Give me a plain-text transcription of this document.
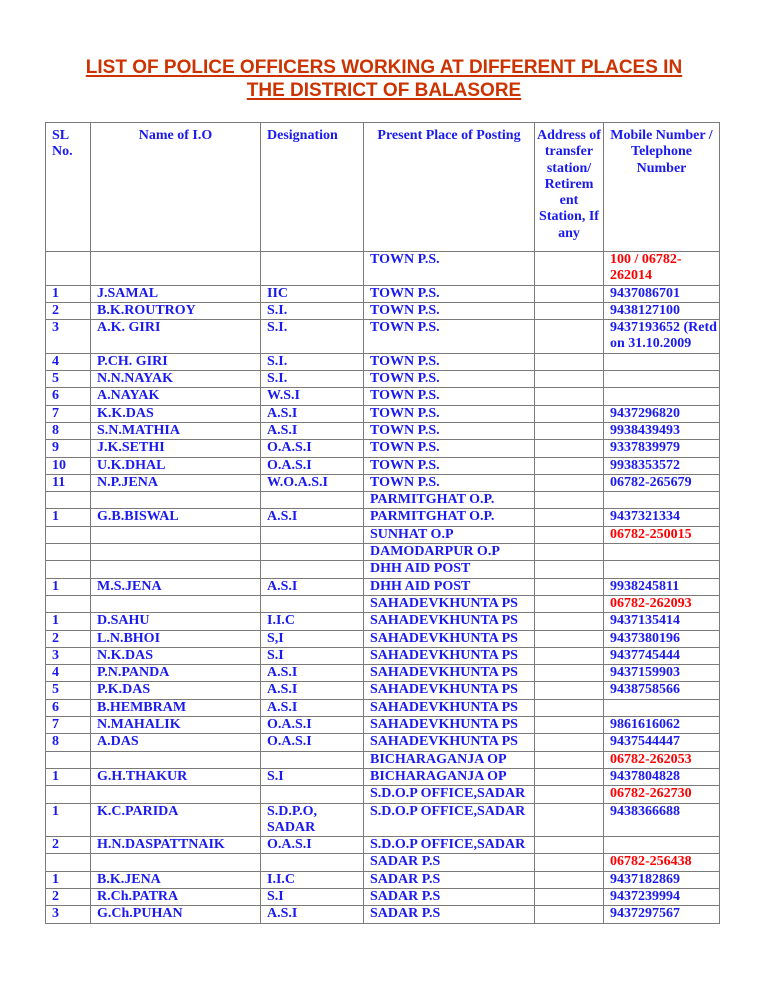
LIST OF POLICE OFFICERS WORKING AT DIFFERENT PLACES IN
THE DISTRICT OF BALASORE
SL No.	Name of I.O	Designation	Present Place of Posting	Address of transfer station/ Retirem ent Station, If any	Mobile Number / Telephone Number
			TOWN P.S.		100 / 06782-262014
1	J.SAMAL	IIC	TOWN P.S.		9437086701
2	B.K.ROUTROY	S.I.	TOWN P.S.		9438127100
3	A.K. GIRI	S.I.	TOWN P.S.		9437193652 (Retd on 31.10.2009
4	P.CH. GIRI	S.I.	TOWN P.S.		
5	N.N.NAYAK	S.I.	TOWN P.S.		
6	A.NAYAK	W.S.I	TOWN P.S.		
7	K.K.DAS	A.S.I	TOWN P.S.		9437296820
8	S.N.MATHIA	A.S.I	TOWN P.S.		9938439493
9	J.K.SETHI	O.A.S.I	TOWN P.S.		9337839979
10	U.K.DHAL	O.A.S.I	TOWN P.S.		9938353572
11	N.P.JENA	W.O.A.S.I	TOWN P.S.		06782-265679
			PARMITGHAT O.P.		
1	G.B.BISWAL	A.S.I	PARMITGHAT O.P.		9437321334
			SUNHAT O.P		06782-250015
			DAMODARPUR O.P		
			DHH AID POST		
1	M.S.JENA	A.S.I	DHH AID POST		9938245811
			SAHADEVKHUNTA PS		06782-262093
1	D.SAHU	I.I.C	SAHADEVKHUNTA PS		9437135414
2	L.N.BHOI	S,I	SAHADEVKHUNTA PS		9437380196
3	N.K.DAS	S.I	SAHADEVKHUNTA PS		9437745444
4	P.N.PANDA	A.S.I	SAHADEVKHUNTA PS		9437159903
5	P.K.DAS	A.S.I	SAHADEVKHUNTA PS		9438758566
6	B.HEMBRAM	A.S.I	SAHADEVKHUNTA PS		
7	N.MAHALIK	O.A.S.I	SAHADEVKHUNTA PS		9861616062
8	A.DAS	O.A.S.I	SAHADEVKHUNTA PS		9437544447
			BICHARAGANJA OP		06782-262053
1	G.H.THAKUR	S.I	BICHARAGANJA OP		9437804828
			S.D.O.P OFFICE,SADAR		06782-262730
1	K.C.PARIDA	S.D.P.O, SADAR	S.D.O.P OFFICE,SADAR		9438366688
2	H.N.DASPATTNAIK	O.A.S.I	S.D.O.P OFFICE,SADAR		
			SADAR P.S		06782-256438
1	B.K.JENA	I.I.C	SADAR P.S		9437182869
2	R.Ch.PATRA	S.I	SADAR P.S		9437239994
3	G.Ch.PUHAN	A.S.I	SADAR P.S		9437297567
